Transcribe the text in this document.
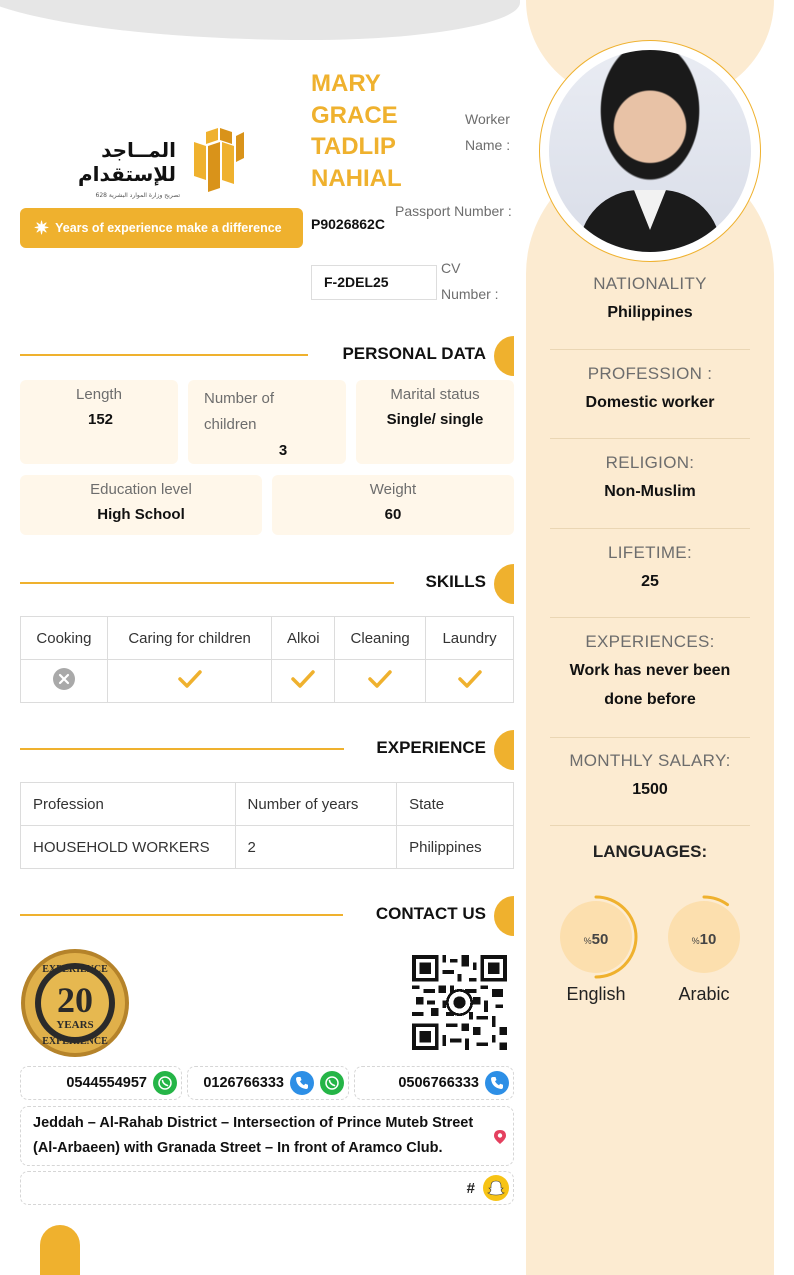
NATIONALITY
Philippines
PROFESSION :
Domestic worker
RELIGION:
Non-Muslim
LIFETIME:
25
EXPERIENCES:
Work has never been done before
MONTHLY SALARY:
1500
LANGUAGES:
%50
English
%10
Arabic
المــاجد للإستقدام
تصريح وزارة الموارد البشرية 628
✷ Years of experience make a difference
MARY GRACE TADLIP NAHIAL
Worker Name :
Passport Number :
P9026862C
F-2DEL25
CV Number :
PERSONAL DATA
Length
152
Number of children
3
Marital status
Single/ single
Education level
High School
Weight
60
SKILLS
Cooking	Caring for children	Alkoi	Cleaning	Laundry

EXPERIENCE
Profession	Number of years	State
HOUSEHOLD WORKERS	2	Philippines
CONTACT US
EXPERIENCE
20
YEARS
EXPERIENCE
0544554957	0126766333	0506766333
Jeddah – Al-Rahab District – Intersection of Prince Muteb Street (Al-Arbaeen) with Granada Street – In front of Aramco Club.
#
